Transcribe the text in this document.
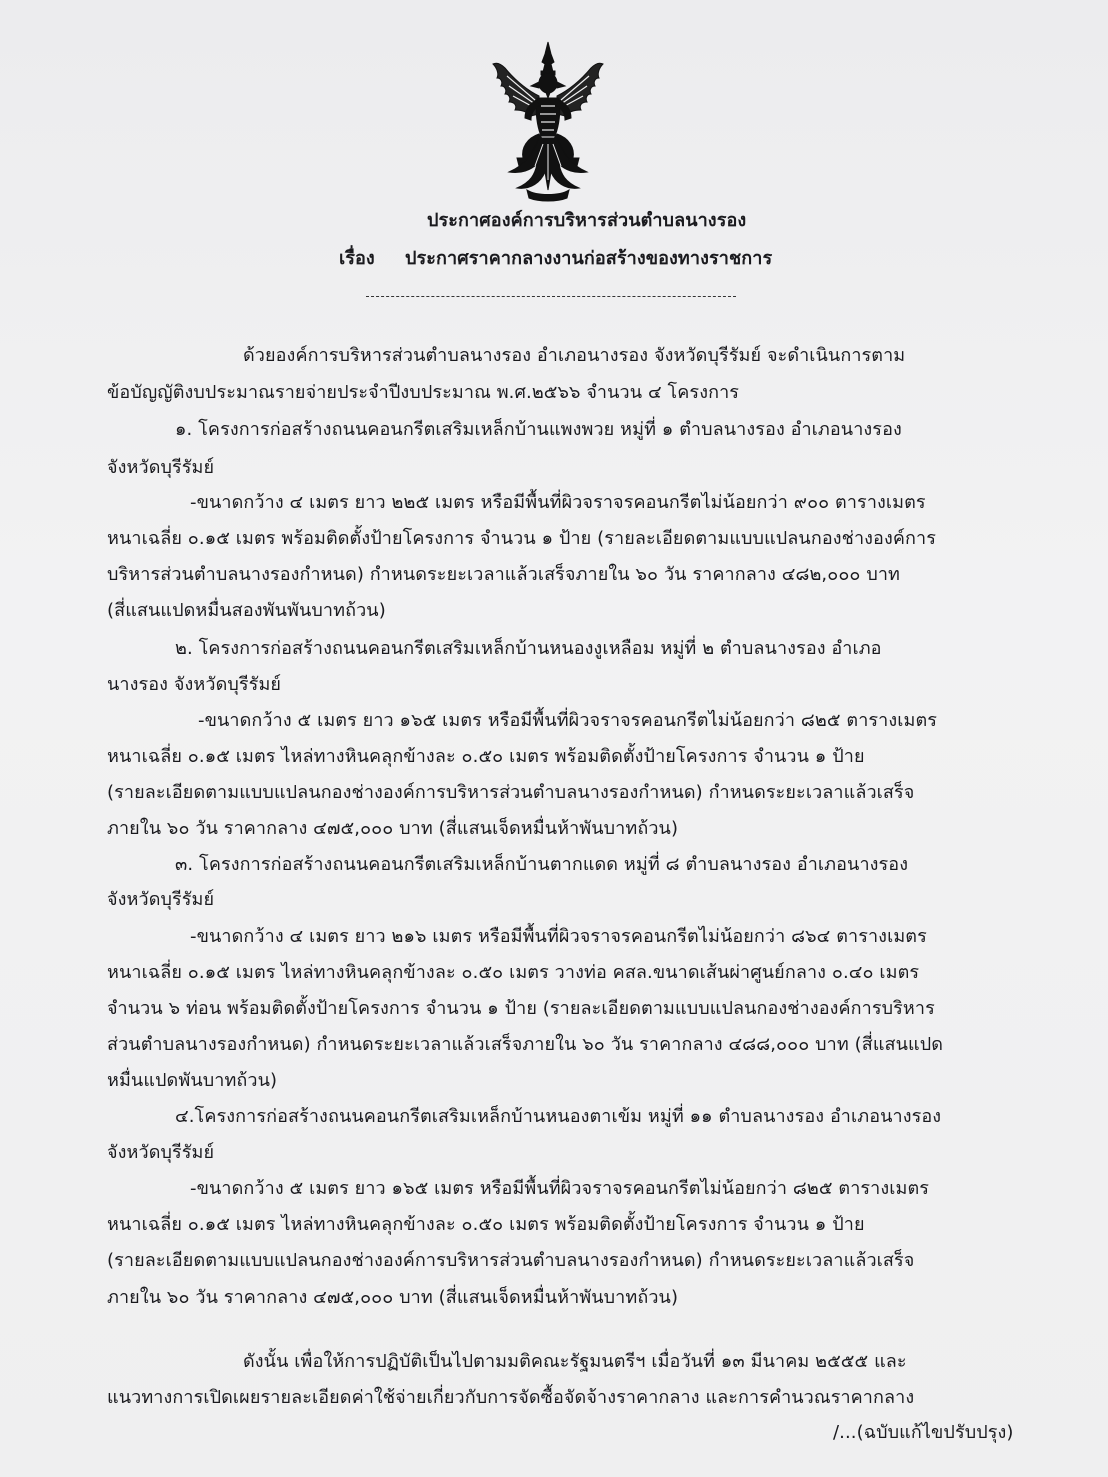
ประกาศองค์การบริหารส่วนตำบลนางรอง
เรื่อง ประกาศราคากลางงานก่อสร้างของทางราชการ
ด้วยองค์การบริหารส่วนตำบลนางรอง อำเภอนางรอง จังหวัดบุรีรัมย์ จะดำเนินการตาม
ข้อบัญญัติงบประมาณรายจ่ายประจำปีงบประมาณ พ.ศ.๒๕๖๖ จำนวน ๔ โครงการ
๑. โครงการก่อสร้างถนนคอนกรีตเสริมเหล็กบ้านแพงพวย หมู่ที่ ๑ ตำบลนางรอง อำเภอนางรอง
จังหวัดบุรีรัมย์
-ขนาดกว้าง ๔ เมตร ยาว ๒๒๕ เมตร หรือมีพื้นที่ผิวจราจรคอนกรีตไม่น้อยกว่า ๙๐๐ ตารางเมตร
หนาเฉลี่ย ๐.๑๕ เมตร พร้อมติดตั้งป้ายโครงการ จำนวน ๑ ป้าย (รายละเอียดตามแบบแปลนกองช่างองค์การ
บริหารส่วนตำบลนางรองกำหนด) กำหนดระยะเวลาแล้วเสร็จภายใน ๖๐ วัน ราคากลาง ๔๘๒,๐๐๐ บาท
(สี่แสนแปดหมื่นสองพันพันบาทถ้วน)
๒. โครงการก่อสร้างถนนคอนกรีตเสริมเหล็กบ้านหนองงูเหลือม หมู่ที่ ๒ ตำบลนางรอง อำเภอ
นางรอง จังหวัดบุรีรัมย์
-ขนาดกว้าง ๕ เมตร ยาว ๑๖๕ เมตร หรือมีพื้นที่ผิวจราจรคอนกรีตไม่น้อยกว่า ๘๒๕ ตารางเมตร
หนาเฉลี่ย ๐.๑๕ เมตร ไหล่ทางหินคลุกข้างละ ๐.๕๐ เมตร พร้อมติดตั้งป้ายโครงการ จำนวน ๑ ป้าย
(รายละเอียดตามแบบแปลนกองช่างองค์การบริหารส่วนตำบลนางรองกำหนด) กำหนดระยะเวลาแล้วเสร็จ
ภายใน ๖๐ วัน ราคากลาง ๔๗๕,๐๐๐ บาท (สี่แสนเจ็ดหมื่นห้าพันบาทถ้วน)
๓. โครงการก่อสร้างถนนคอนกรีตเสริมเหล็กบ้านตากแดด หมู่ที่ ๘ ตำบลนางรอง อำเภอนางรอง
จังหวัดบุรีรัมย์
-ขนาดกว้าง ๔ เมตร ยาว ๒๑๖ เมตร หรือมีพื้นที่ผิวจราจรคอนกรีตไม่น้อยกว่า ๘๖๔ ตารางเมตร
หนาเฉลี่ย ๐.๑๕ เมตร ไหล่ทางหินคลุกข้างละ ๐.๕๐ เมตร วางท่อ คสล.ขนาดเส้นผ่าศูนย์กลาง ๐.๔๐ เมตร
จำนวน ๖ ท่อน พร้อมติดตั้งป้ายโครงการ จำนวน ๑ ป้าย (รายละเอียดตามแบบแปลนกองช่างองค์การบริหาร
ส่วนตำบลนางรองกำหนด) กำหนดระยะเวลาแล้วเสร็จภายใน ๖๐ วัน ราคากลาง ๔๘๘,๐๐๐ บาท (สี่แสนแปด
หมื่นแปดพันบาทถ้วน)
๔.โครงการก่อสร้างถนนคอนกรีตเสริมเหล็กบ้านหนองตาเข้ม หมู่ที่ ๑๑ ตำบลนางรอง อำเภอนางรอง
จังหวัดบุรีรัมย์
-ขนาดกว้าง ๕ เมตร ยาว ๑๖๕ เมตร หรือมีพื้นที่ผิวจราจรคอนกรีตไม่น้อยกว่า ๘๒๕ ตารางเมตร
หนาเฉลี่ย ๐.๑๕ เมตร ไหล่ทางหินคลุกข้างละ ๐.๕๐ เมตร พร้อมติดตั้งป้ายโครงการ จำนวน ๑ ป้าย
(รายละเอียดตามแบบแปลนกองช่างองค์การบริหารส่วนตำบลนางรองกำหนด) กำหนดระยะเวลาแล้วเสร็จ
ภายใน ๖๐ วัน ราคากลาง ๔๗๕,๐๐๐ บาท (สี่แสนเจ็ดหมื่นห้าพันบาทถ้วน)
ดังนั้น เพื่อให้การปฏิบัติเป็นไปตามมติคณะรัฐมนตรีฯ เมื่อวันที่ ๑๓ มีนาคม ๒๕๕๕ และ
แนวทางการเปิดเผยรายละเอียดค่าใช้จ่ายเกี่ยวกับการจัดซื้อจัดจ้างราคากลาง และการคำนวณราคากลาง
/...(ฉบับแก้ไขปรับปรุง)
